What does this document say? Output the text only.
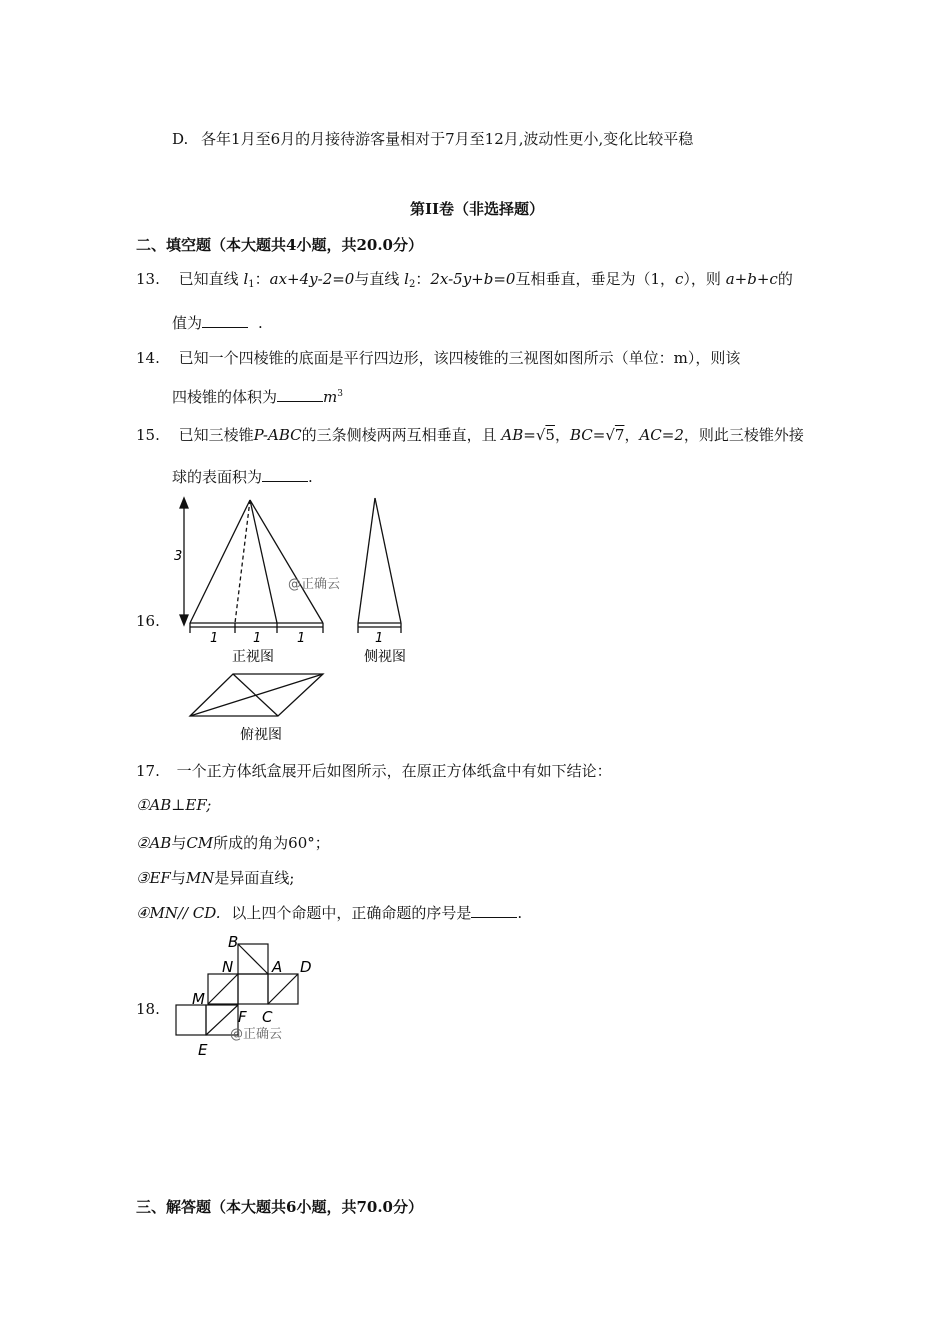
D. 各年1月至6月的月接待游客量相对于7月至12月,波动性更小,变化比较平稳
第II卷（非选择题）
二、填空题（本大题共4小题，共20.0分）
13. 已知直线 $l_1$：ax+4y-2=0与直线 $l_2$：2x-5y+b=0互相垂直，垂足为（1，c），则 a+b+c的
值为	.
14. 已知一个四棱锥的底面是平行四边形，该四棱锥的三视图如图所示（单位：m），则该
四棱锥的体积为	$m^3$
15. 已知三棱锥P-ABC的三条侧棱两两互相垂直，且 AB=√5，BC=√7，AC=2，则此三棱锥外接
球的表面积为	.
16.
3
1	1	1
正视图
@正确云
1
侧视图
俯视图
17. 一个正方体纸盒展开后如图所示，在原正方体纸盒中有如下结论：
①AB⊥EF;
②AB与CM所成的角为60°；
③EF与MN是异面直线;
④MN// CD. 以上四个命题中，正确命题的序号是	.
18.
B
N	A D
M
F C
E
@正确云
三、解答题（本大题共6小题，共70.0分）
